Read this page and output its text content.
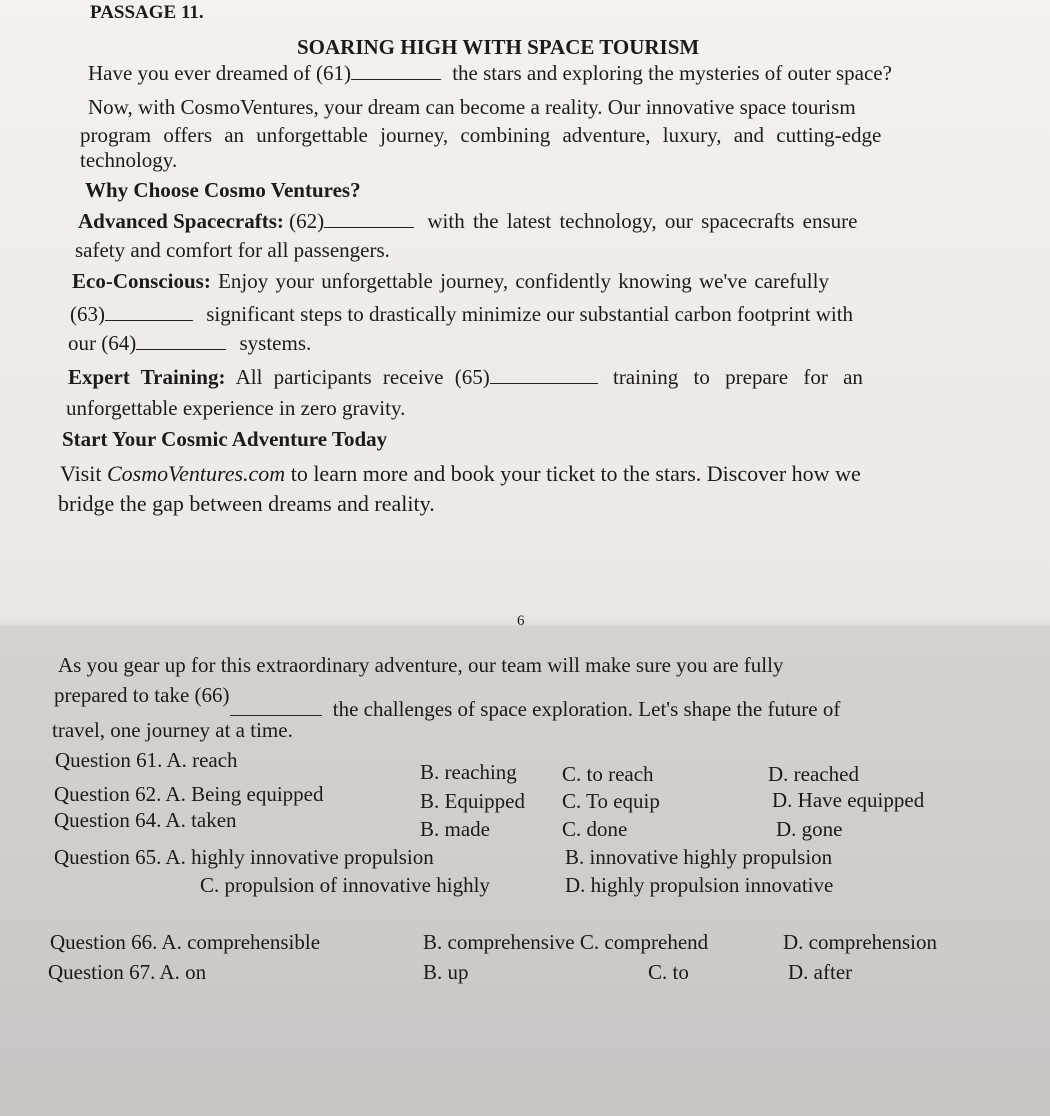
PASSAGE 11.
SOARING HIGH WITH SPACE TOURISM
Have you ever dreamed of (61)	the stars and exploring the mysteries of outer space?
Now, with CosmoVentures, your dream can become a reality. Our innovative space tourism
program offers an unforgettable journey, combining adventure, luxury, and cutting-edge
technology.
Why Choose Cosmo Ventures?
Advanced Spacecrafts: (62)	with the latest technology, our spacecrafts ensure
safety and comfort for all passengers.
Eco-Conscious: Enjoy your unforgettable journey, confidently knowing we've carefully
(63)	significant steps to drastically minimize our substantial carbon footprint with
our (64)	systems.
Expert Training: All participants receive (65)	training to prepare for an
unforgettable experience in zero gravity.
Start Your Cosmic Adventure Today
Visit CosmoVentures.com to learn more and book your ticket to the stars. Discover how we
bridge the gap between dreams and reality.
6
As you gear up for this extraordinary adventure, our team will make sure you are fully
prepared to take (66) the challenges of space exploration. Let's shape the future of
travel, one journey at a time.
Question 61. A. reach	B. reaching C. to reach	D. reached
Question 62. A. Being equipped	B. Equipped C. To equip	D. Have equipped
Question 64. A. taken	B. made	C. done	D. gone
Question 65. A. highly innovative propulsion	B. innovative highly propulsion
C. propulsion of innovative highly	D. highly propulsion innovative
Question 66. A. comprehensible	B. comprehensive C. comprehend	D. comprehension
Question 67. A. on	B. up	C. to	D. after
